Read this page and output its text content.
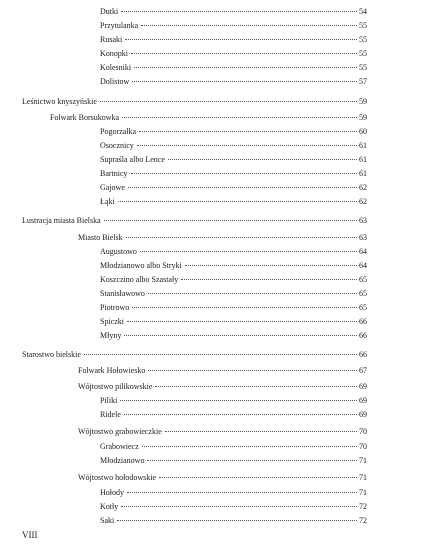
Dutki	54
Przytulanka	55
Rusaki	55
Konopki	55
Kolesniki	55
Dolistow	57
Leśnictwo knyszyńskie	59
Folwark Borsukowka	59
Pogorzałka	60
Osocznicy	61
Supraśla albo Lence	61
Bartnicy	61
Gajowe	62
Łąki	62
Lustracja miasta Bielska	63
Miasto Bielsk	63
Augustowo	64
Młodzianowo albo Stryki	64
Koszczino albo Szastały	65
Stanisławowo	65
Piotrowo	65
Spiczki	66
Młyny	66
Starostwo bielskie	66
Folwark Hołowiesko	67
Wójtostwo pilikowskie	69
Piliki	69
Ridele	69
Wójtostwo grabowieczkie	70
Grabowiecz	70
Młodzianowo	71
Wójtostwo hołodowskie	71
Hołody	71
Kotły	72
Saki	72
VIII
